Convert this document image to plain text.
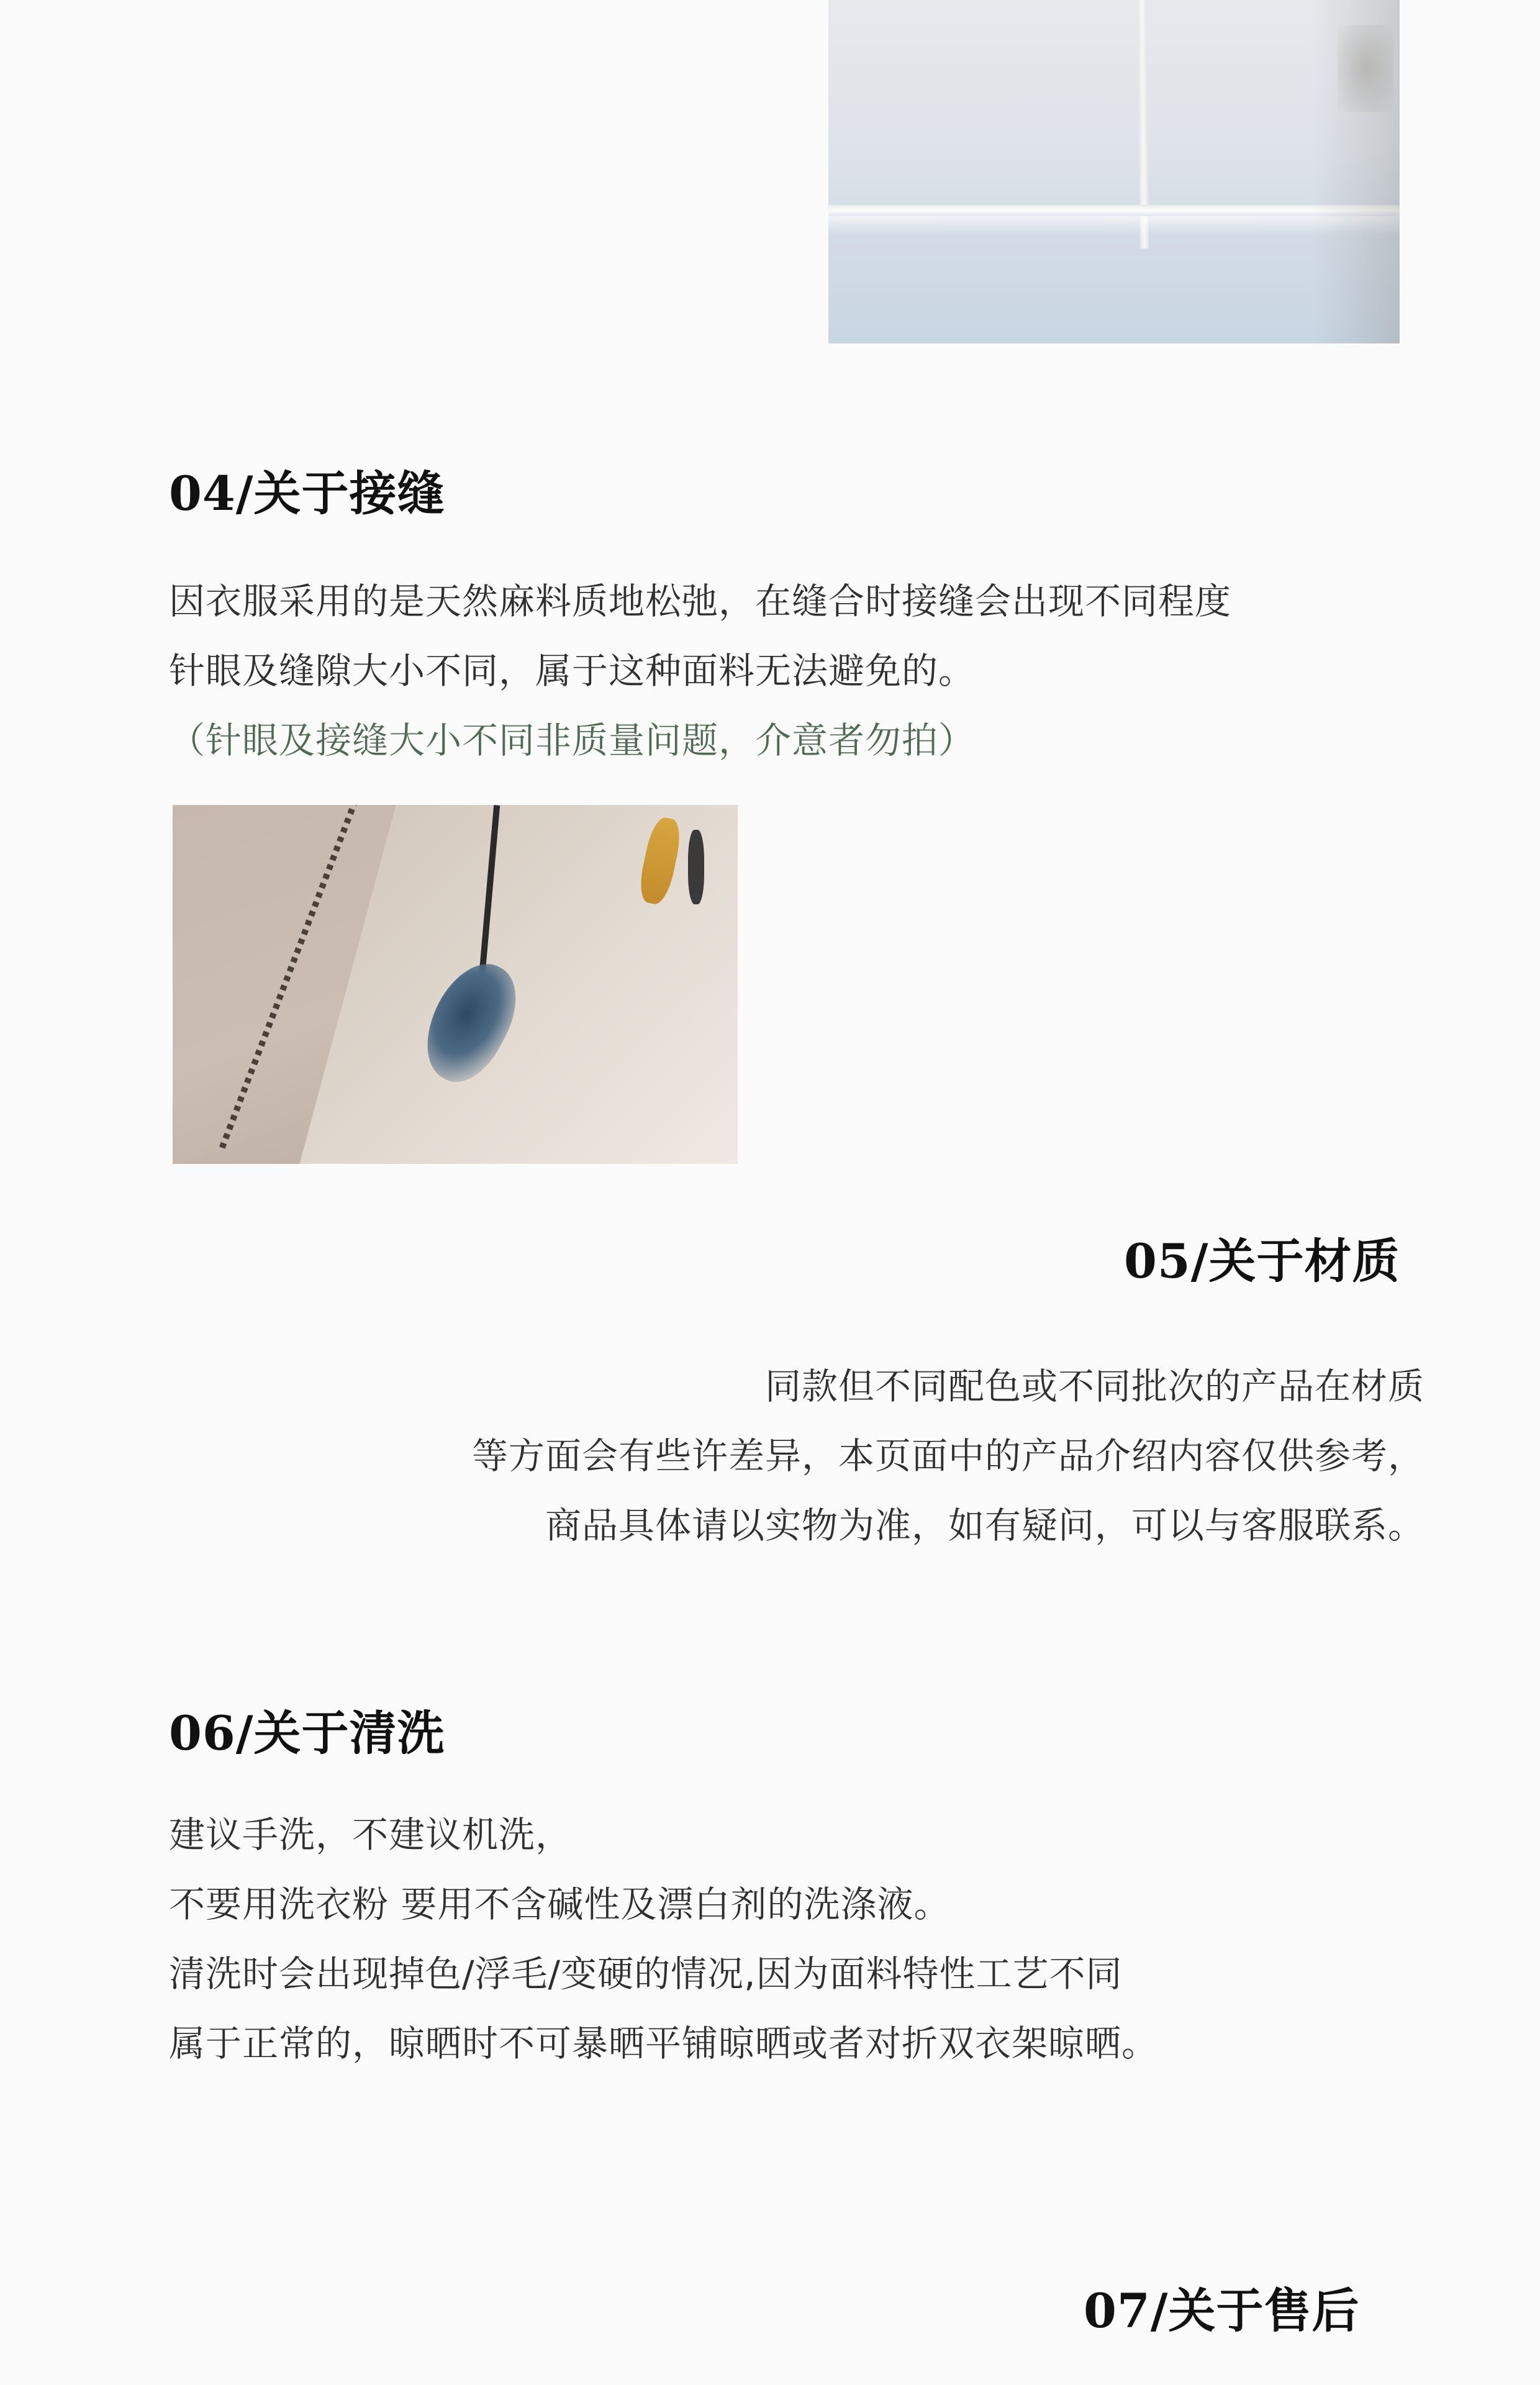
04/关于接缝
因衣服采用的是天然麻料质地松弛，在缝合时接缝会出现不同程度
针眼及缝隙大小不同，属于这种面料无法避免的。
（针眼及接缝大小不同非质量问题，介意者勿拍）
05/关于材质
同款但不同配色或不同批次的产品在材质
等方面会有些许差异，本页面中的产品介绍内容仅供参考，
商品具体请以实物为准，如有疑问，可以与客服联系。
06/关于清洗
建议手洗，不建议机洗，
不要用洗衣粉 要用不含碱性及漂白剂的洗涤液。
清洗时会出现掉色/浮毛/变硬的情况,因为面料特性工艺不同
属于正常的，晾晒时不可暴晒平铺晾晒或者对折双衣架晾晒。
07/关于售后
